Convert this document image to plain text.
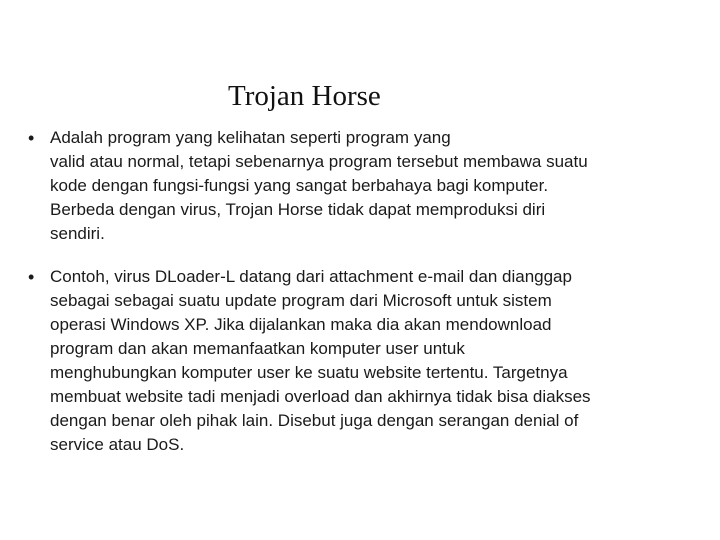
Trojan Horse
• Adalah program yang kelihatan seperti program yang
valid atau normal, tetapi sebenarnya program tersebut membawa suatu
kode dengan fungsi-fungsi yang sangat berbahaya bagi komputer.
Berbeda dengan virus, Trojan Horse tidak dapat memproduksi diri
sendiri.
• Contoh, virus DLoader-L datang dari attachment e-mail dan dianggap
sebagai sebagai suatu update program dari Microsoft untuk sistem
operasi Windows XP. Jika dijalankan maka dia akan mendownload
program dan akan memanfaatkan komputer user untuk
menghubungkan komputer user ke suatu website tertentu. Targetnya
membuat website tadi menjadi overload dan akhirnya tidak bisa diakses
dengan benar oleh pihak lain. Disebut juga dengan serangan denial of
service atau DoS.
